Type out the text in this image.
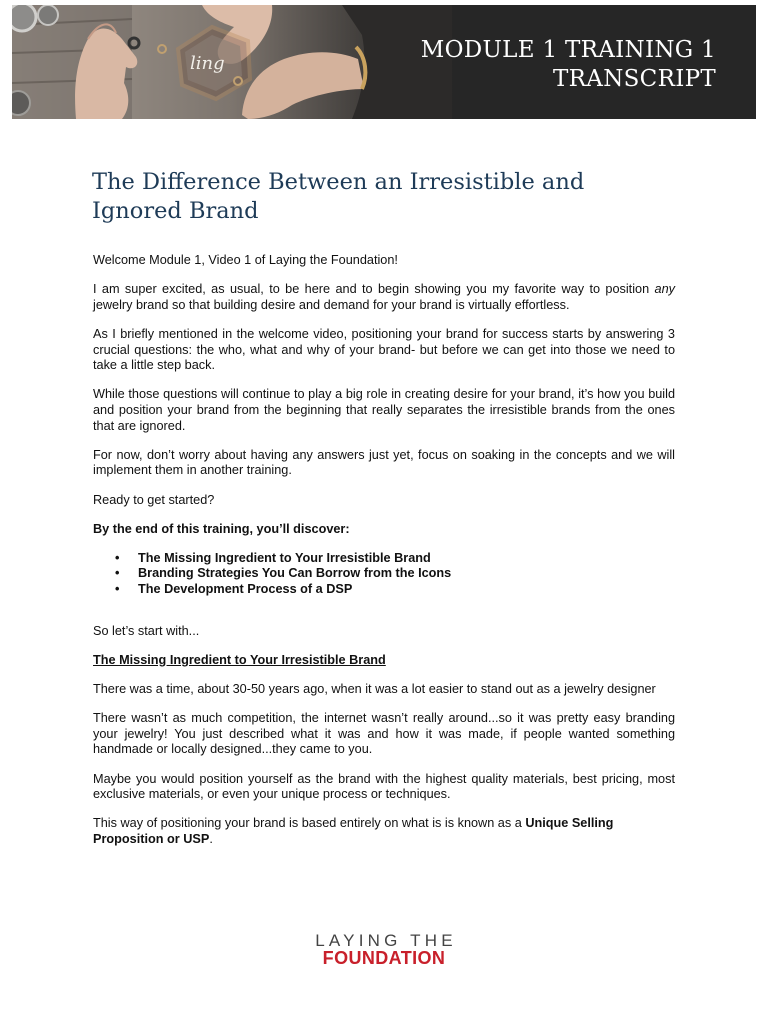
ling
MODULE 1 TRAINING 1
TRANSCRIPT
The Difference Between an Irresistible and
Ignored Brand

Welcome Module 1, Video 1 of Laying the Foundation!

I am super excited, as usual, to be here and to begin showing you my favorite way to position any jewelry brand so that building desire and demand for your brand is virtually effortless.

As I briefly mentioned in the welcome video, positioning your brand for success starts by answering 3 crucial questions: the who, what and why of your brand- but before we can get into those we need to take a little step back.

While those questions will continue to play a big role in creating desire for your brand, it’s how you build and position your brand from the beginning that really separates the irresistible brands from the ones that are ignored.

For now, don’t worry about having any answers just yet, focus on soaking in the concepts and we will implement them in another training.

Ready to get started?

By the end of this training, you’ll discover:

• The Missing Ingredient to Your Irresistible Brand
• Branding Strategies You Can Borrow from the Icons
• The Development Process of a DSP

So let’s start with...

The Missing Ingredient to Your Irresistible Brand

There was a time, about 30-50 years ago, when it was a lot easier to stand out as a jewelry designer

There wasn’t as much competition, the internet wasn’t really around...so it was pretty easy branding your jewelry! You just described what it was and how it was made, if people wanted something handmade or locally designed...they came to you.

Maybe you would position yourself as the brand with the highest quality materials, best pricing, most exclusive materials, or even your unique process or techniques.

This way of positioning your brand is based entirely on what is is known as a Unique Selling Proposition or USP.

LAYING THE
FOUNDATION
